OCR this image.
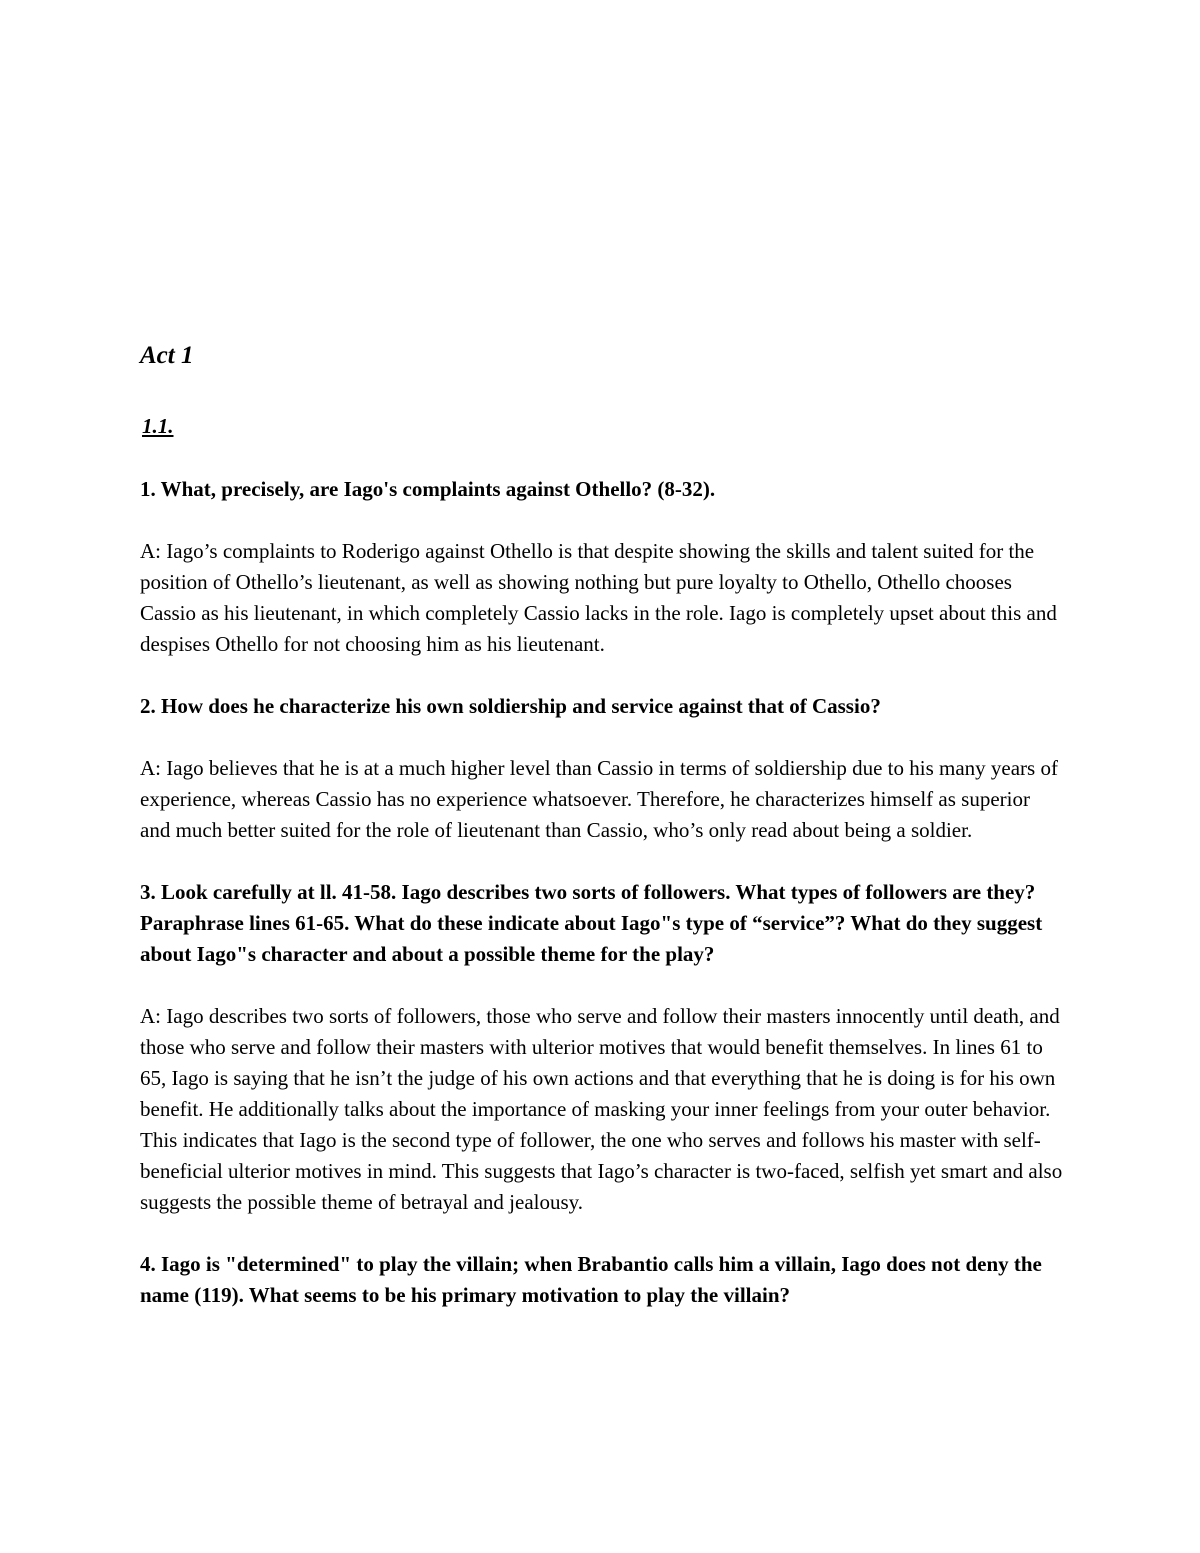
Act 1
1.1.
1. What, precisely, are Iago's complaints against Othello? (8-32).
A: Iago’s complaints to Roderigo against Othello is that despite showing the skills and talent suited for the position of Othello’s lieutenant, as well as showing nothing but pure loyalty to Othello, Othello chooses Cassio as his lieutenant, in which completely Cassio lacks in the role. Iago is completely upset about this and despises Othello for not choosing him as his lieutenant.
2. How does he characterize his own soldiership and service against that of Cassio?
A: Iago believes that he is at a much higher level than Cassio in terms of soldiership due to his many years of experience, whereas Cassio has no experience whatsoever. Therefore, he characterizes himself as superior and much better suited for the role of lieutenant than Cassio, who’s only read about being a soldier.
3. Look carefully at ll. 41-58. Iago describes two sorts of followers. What types of followers are they? Paraphrase lines 61-65. What do these indicate about Iago"s type of “service”? What do they suggest about Iago"s character and about a possible theme for the play?
A: Iago describes two sorts of followers, those who serve and follow their masters innocently until death, and those who serve and follow their masters with ulterior motives that would benefit themselves. In lines 61 to 65, Iago is saying that he isn’t the judge of his own actions and that everything that he is doing is for his own benefit. He additionally talks about the importance of masking your inner feelings from your outer behavior. This indicates that Iago is the second type of follower, the one who serves and follows his master with self-beneficial ulterior motives in mind. This suggests that Iago’s character is two-faced, selfish yet smart and also suggests the possible theme of betrayal and jealousy.
4. Iago is "determined" to play the villain; when Brabantio calls him a villain, Iago does not deny the name (119). What seems to be his primary motivation to play the villain?
